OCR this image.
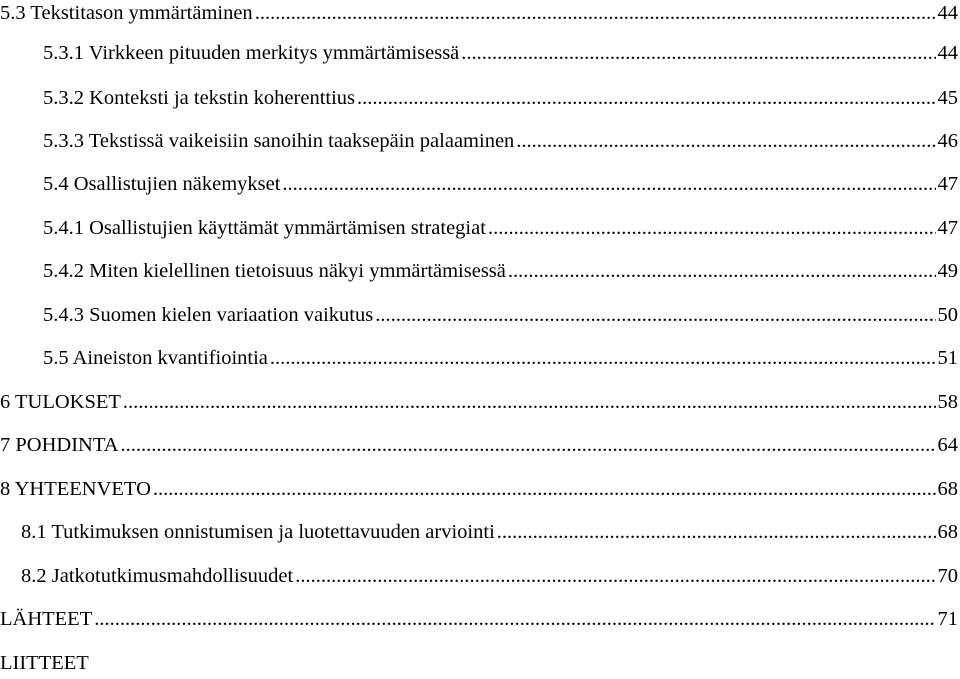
5.3 Tekstitason ymmärtäminen .....	44
5.3.1 Virkkeen pituuden merkitys ymmärtämisessä .....	44
5.3.2 Konteksti ja tekstin koherenttius .....	45
5.3.3 Tekstissä vaikeisiin sanoihin taaksepäin palaaminen .....	46
5.4 Osallistujien näkemykset .....	47
5.4.1 Osallistujien käyttämät ymmärtämisen strategiat .....	47
5.4.2 Miten kielellinen tietoisuus näkyi ymmärtämisessä .....	49
5.4.3 Suomen kielen variaation vaikutus .....	50
5.5 Aineiston kvantifiointia .....	51
6 TULOKSET .....	58
7 POHDINTA .....	64
8 YHTEENVETO .....	68
8.1 Tutkimuksen onnistumisen ja luotettavuuden arviointi .....	68
8.2 Jatkotutkimusmahdollisuudet .....	70
LÄHTEET .....	71
LIITTEET
